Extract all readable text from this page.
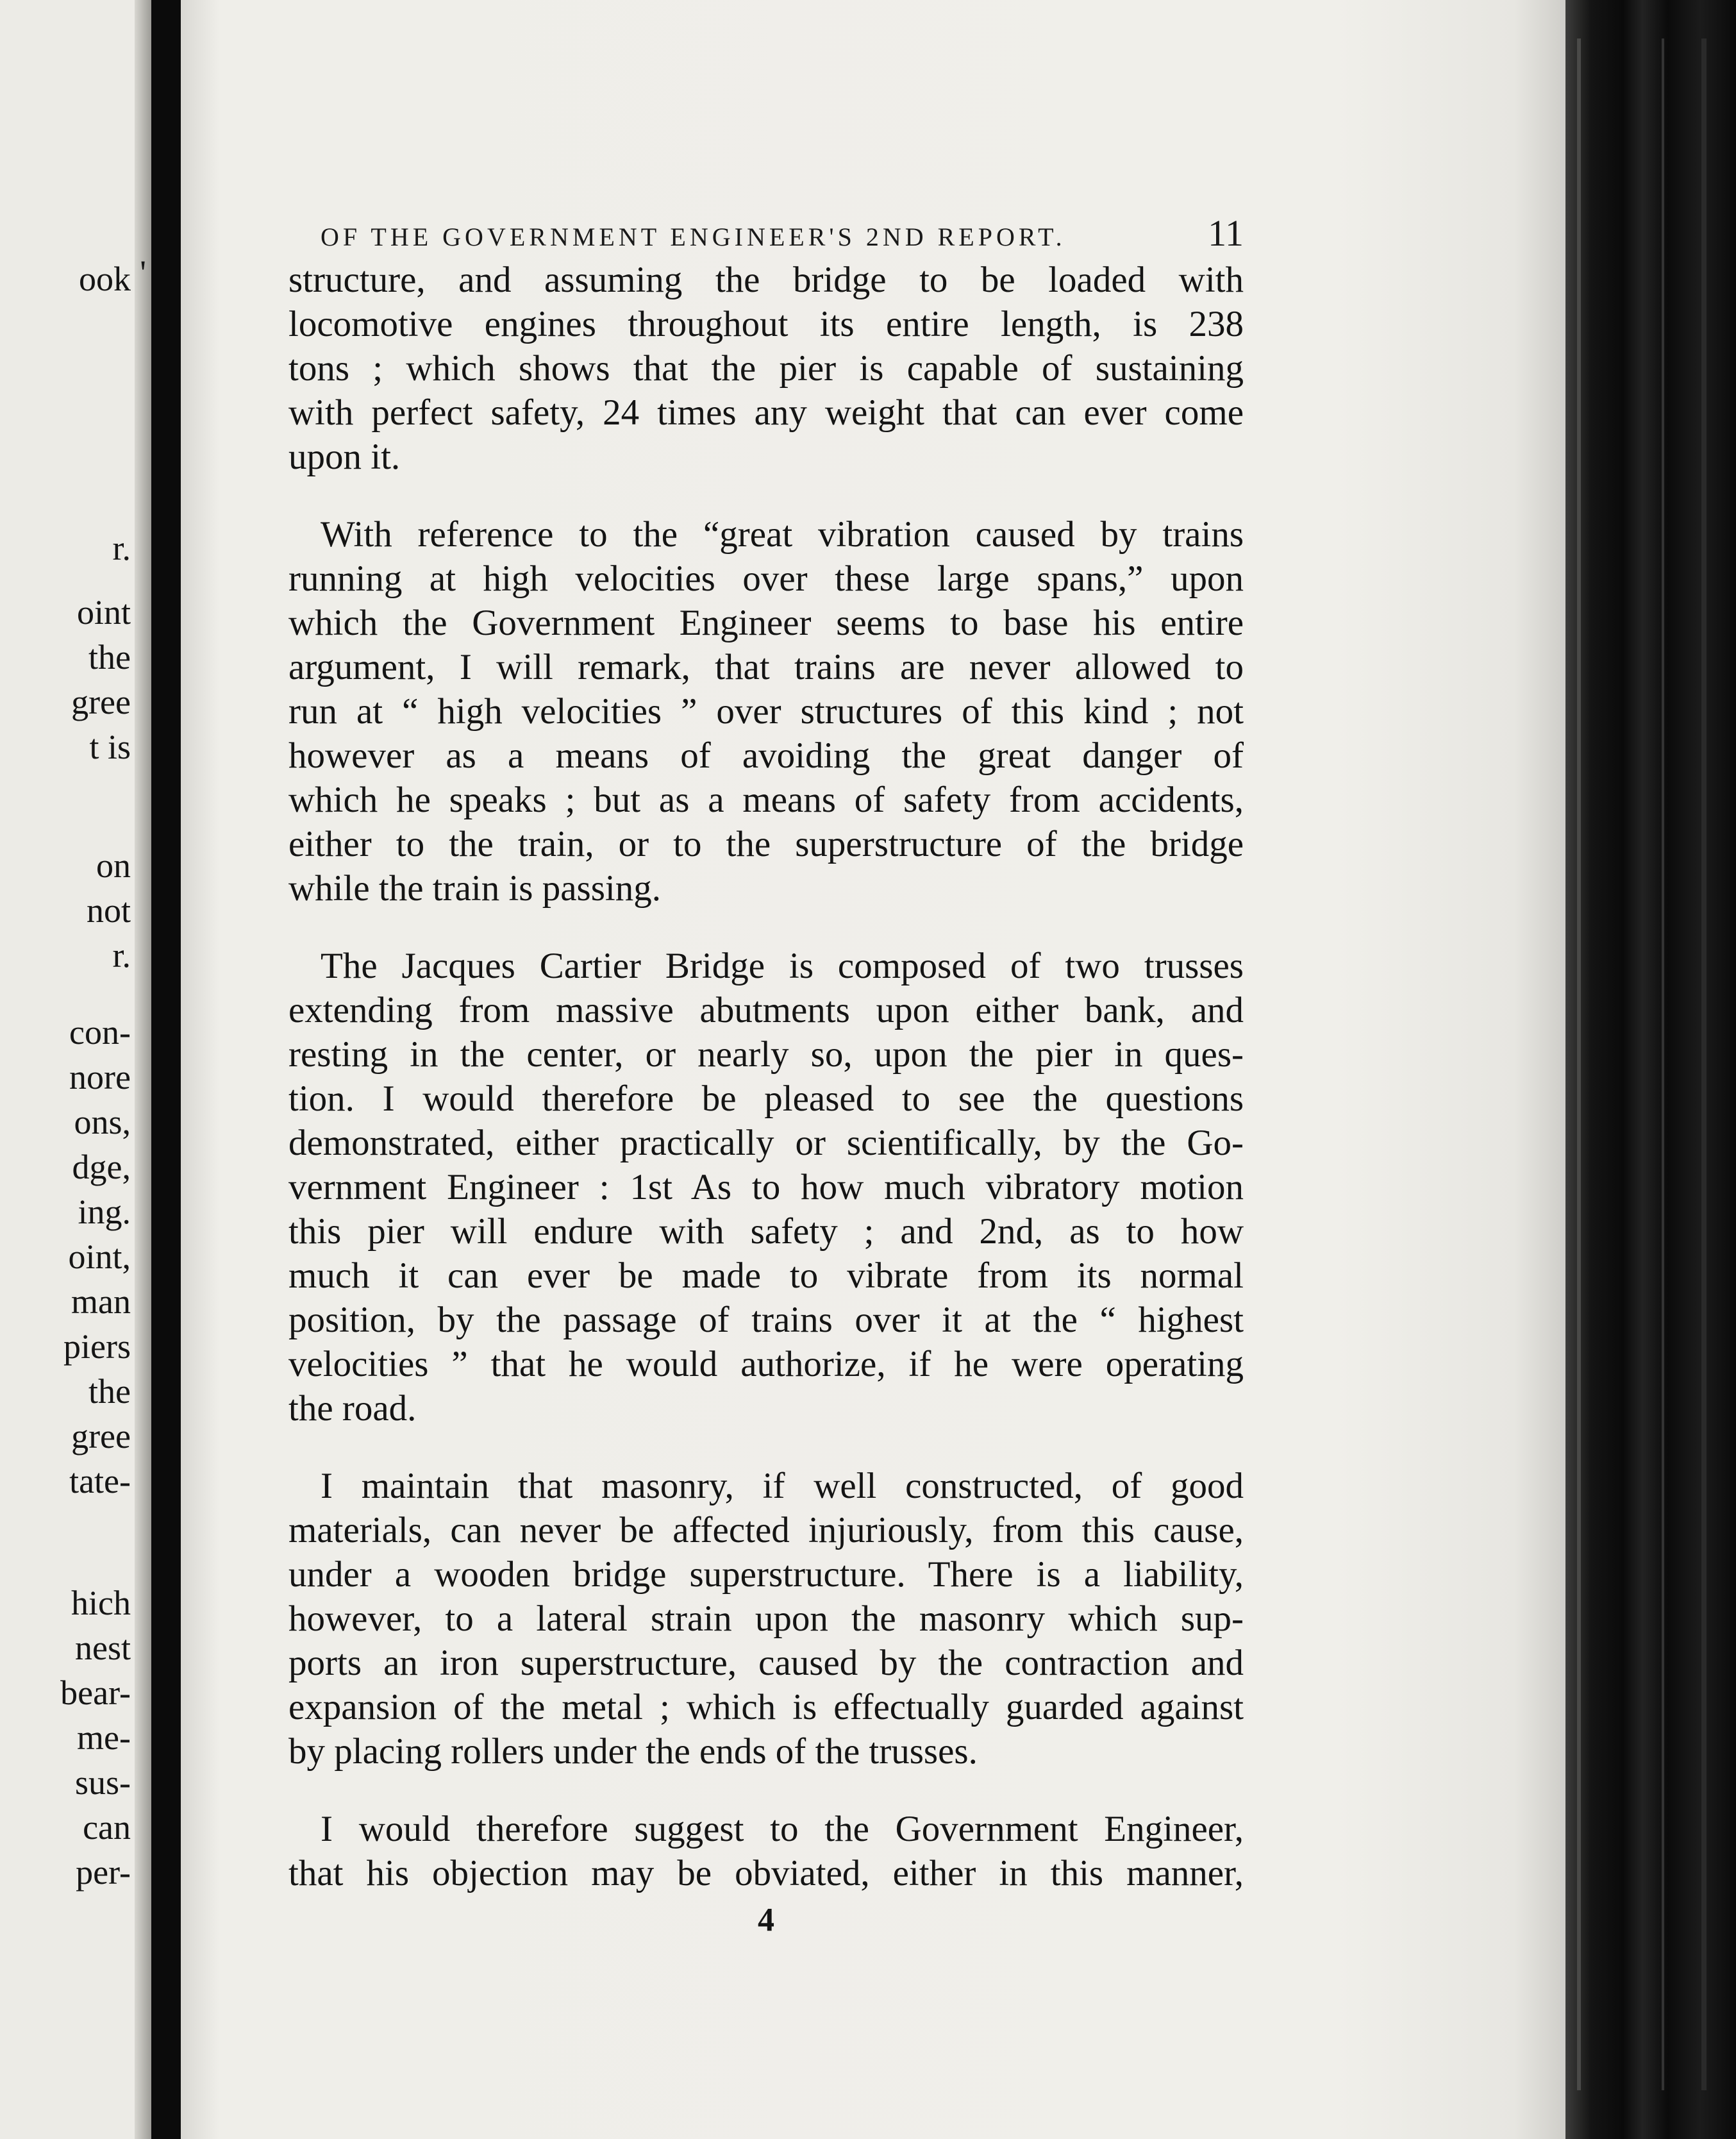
ook '

r.

oint

the

gree

t is

on

not

r.

con-

nore

ons,

dge,

ing.

oint,

man

piers

the

gree

tate-

hich

nest

bear-

me-

sus-

can

per-

OF THE GOVERNMENT ENGINEER'S 2ND REPORT.	11

structure, and assuming the bridge to be loaded with
locomotive engines throughout its entire length, is 238
tons ; which shows that the pier is capable of sustaining
with perfect safety, 24 times any weight that can ever come
upon it.

With reference to the “great vibration caused by trains
running at high velocities over these large spans,” upon
which the Government Engineer seems to base his entire
argument, I will remark, that trains are never allowed to
run at “ high velocities ” over structures of this kind ; not
however as a means of avoiding the great danger of
which he speaks ; but as a means of safety from accidents,
either to the train, or to the superstructure of the bridge
while the train is passing.

The Jacques Cartier Bridge is composed of two trusses
extending from massive abutments upon either bank, and
resting in the center, or nearly so, upon the pier in ques-
tion. I would therefore be pleased to see the questions
demonstrated, either practically or scientifically, by the Go-
vernment Engineer : 1st As to how much vibratory motion
this pier will endure with safety ; and 2nd, as to how
much it can ever be made to vibrate from its normal
position, by the passage of trains over it at the “ highest
velocities ” that he would authorize, if he were operating
the road.

I maintain that masonry, if well constructed, of good
materials, can never be affected injuriously, from this cause,
under a wooden bridge superstructure. There is a liability,
however, to a lateral strain upon the masonry which sup-
ports an iron superstructure, caused by the contraction and
expansion of the metal ; which is effectually guarded against
by placing rollers under the ends of the trusses.

I would therefore suggest to the Government Engineer,
that his objection may be obviated, either in this manner,

4
